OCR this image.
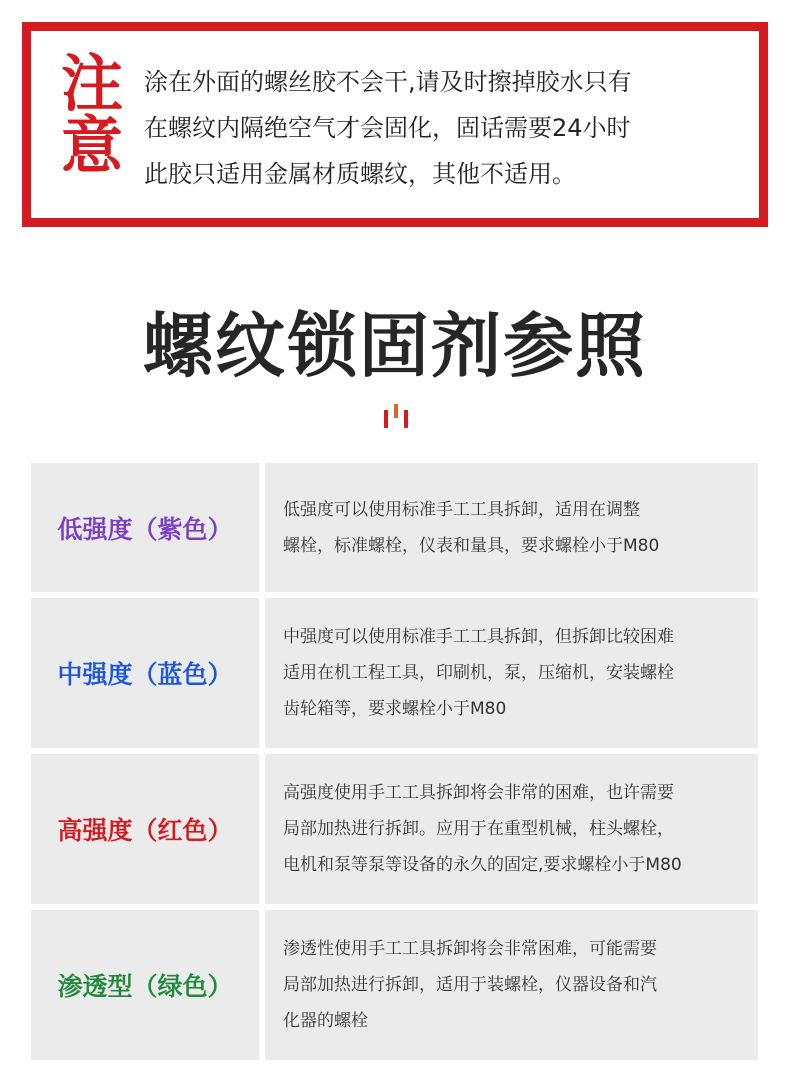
注
意
涂在外面的螺丝胶不会干,请及时擦掉胶水只有
在螺纹内隔绝空气才会固化，固话需要24小时
此胶只适用金属材质螺纹，其他不适用。
螺纹锁固剂参照
低强度（紫色）
低强度可以使用标准手工工具拆卸，适用在调整
螺栓，标准螺栓，仪表和量具，要求螺栓小于M80
中强度（蓝色）
中强度可以使用标准手工工具拆卸，但拆卸比较困难
适用在机工程工具，印刷机，泵，压缩机，安装螺栓
齿轮箱等，要求螺栓小于M80
高强度（红色）
高强度使用手工工具拆卸将会非常的困难，也许需要
局部加热进行拆卸。应用于在重型机械，柱头螺栓，
电机和泵等泵等设备的永久的固定,要求螺栓小于M80
渗透型（绿色）
渗透性使用手工工具拆卸将会非常困难，可能需要
局部加热进行拆卸，适用于装螺栓，仪器设备和汽
化器的螺栓
